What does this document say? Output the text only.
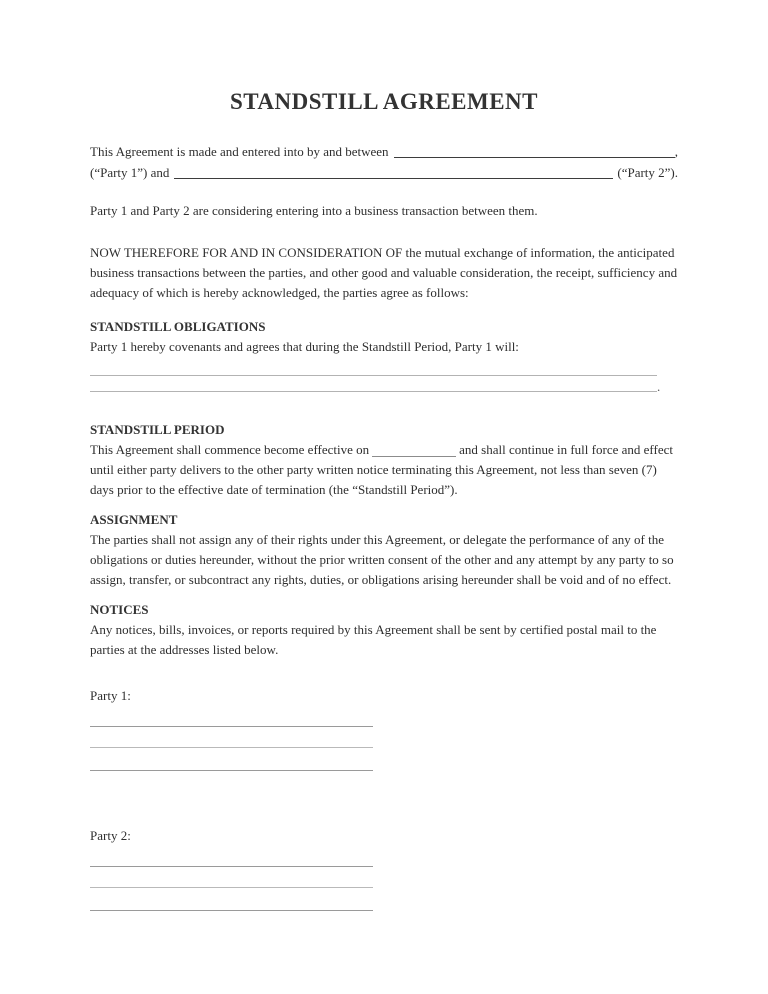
STANDSTILL AGREEMENT
This Agreement is made and entered into by and between	,
(“Party 1”) and	(“Party 2”).

Party 1 and Party 2 are considering entering into a business transaction between them.

NOW THEREFORE FOR AND IN CONSIDERATION OF the mutual exchange of information, the anticipated business transactions between the parties, and other good and valuable consideration, the receipt, sufficiency and adequacy of which is hereby acknowledged, the parties agree as follows:

STANDSTILL OBLIGATIONS

Party 1 hereby covenants and agrees that during the Standstill Period, Party 1 will:

.
STANDSTILL PERIOD

This Agreement shall commence become effective on	and shall continue in full force and effect until either party delivers to the other party written notice terminating this Agreement, not less than seven (7) days prior to the effective date of termination (the “Standstill Period”).

ASSIGNMENT

The parties shall not assign any of their rights under this Agreement, or delegate the performance of any of the obligations or duties hereunder, without the prior written consent of the other and any attempt by any party to so assign, transfer, or subcontract any rights, duties, or obligations arising hereunder shall be void and of no effect.

NOTICES

Any notices, bills, invoices, or reports required by this Agreement shall be sent by certified postal mail to the parties at the addresses listed below.

Party 1:

Party 2:
